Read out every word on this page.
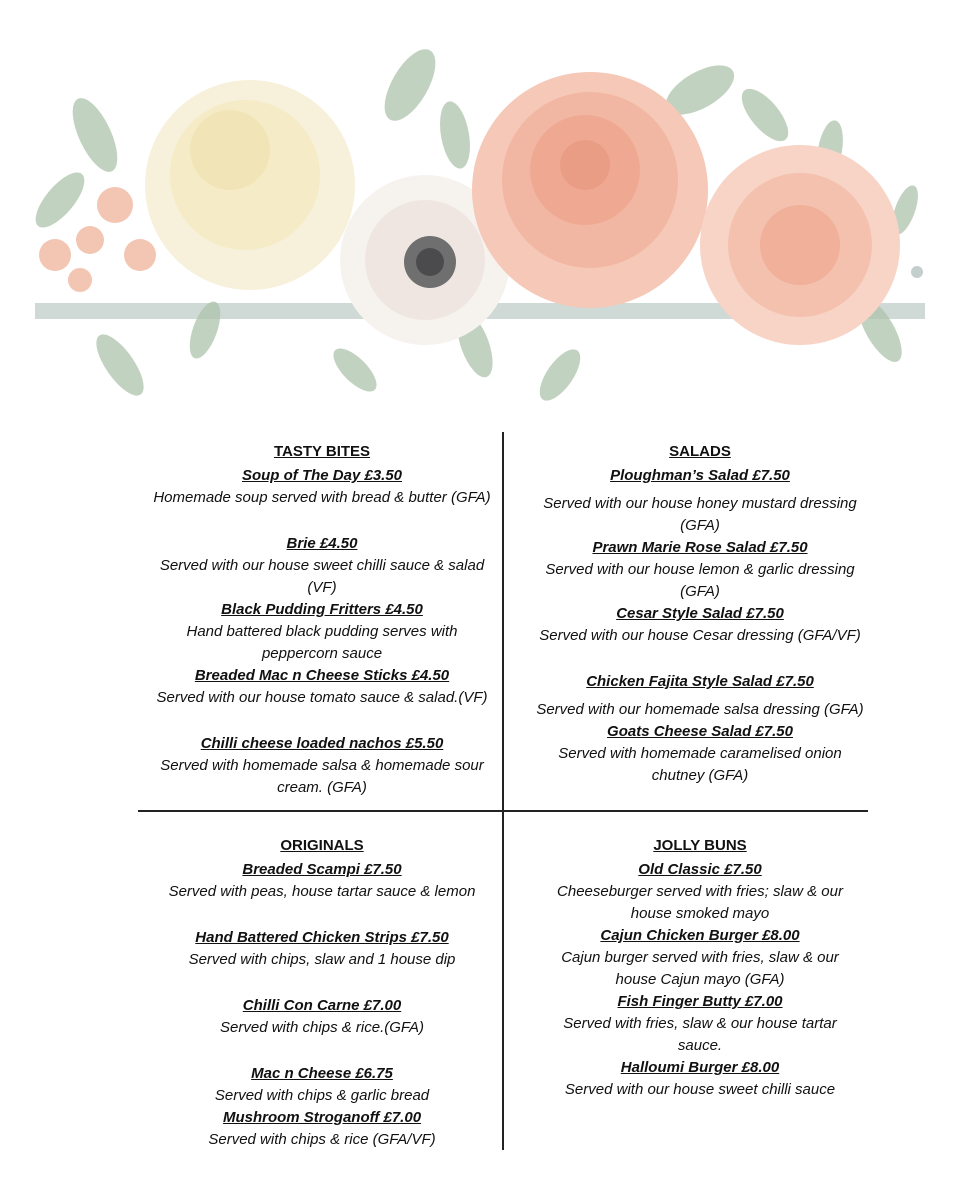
TASTY BITES
Soup of The Day £3.50
Homemade soup served with bread & butter (GFA)
Brie £4.50
Served with our house sweet chilli sauce & salad (VF)
Black Pudding Fritters £4.50
Hand battered black pudding serves with peppercorn sauce
Breaded Mac n Cheese Sticks £4.50
Served with our house tomato sauce & salad.(VF)
Chilli cheese loaded nachos £5.50
Served with homemade salsa & homemade sour cream. (GFA)
SALADS
Ploughman’s Salad £7.50
Served with our house honey mustard dressing (GFA)
Prawn Marie Rose Salad £7.50
Served with our house lemon & garlic dressing (GFA)
Cesar Style Salad £7.50
Served with our house Cesar dressing (GFA/VF)
Chicken Fajita Style Salad £7.50
Served with our homemade salsa dressing (GFA)
Goats Cheese Salad £7.50
Served with homemade caramelised onion chutney (GFA)
ORIGINALS
Breaded Scampi £7.50
Served with peas, house tartar sauce & lemon
Hand Battered Chicken Strips £7.50
Served with chips, slaw and 1 house dip
Chilli Con Carne £7.00
Served with chips & rice.(GFA)
Mac n Cheese £6.75
Served with chips & garlic bread
Mushroom Stroganoff £7.00
Served with chips & rice (GFA/VF)
JOLLY BUNS
Old Classic £7.50
Cheeseburger served with fries; slaw & our house smoked mayo
Cajun Chicken Burger £8.00
Cajun burger served with fries, slaw & our house Cajun mayo (GFA)
Fish Finger Butty £7.00
Served with fries, slaw & our house tartar sauce.
Halloumi Burger £8.00
Served with our house sweet chilli sauce
